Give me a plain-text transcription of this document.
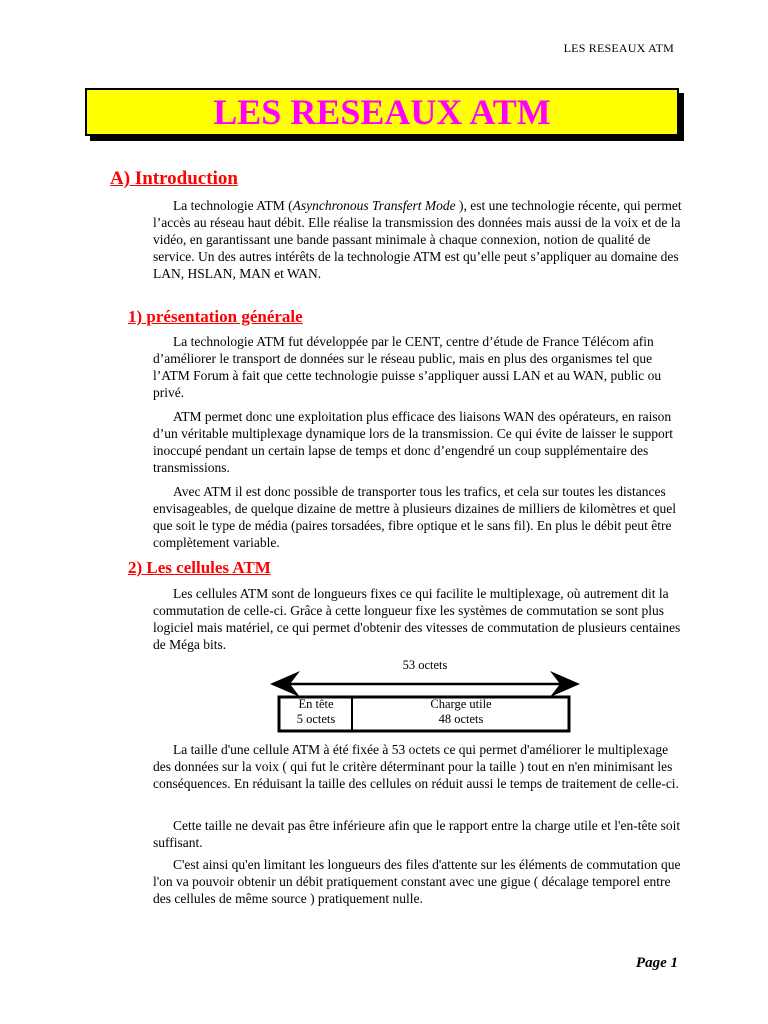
LES RESEAUX ATM
LES RESEAUX ATM
A) Introduction
La technologie ATM (Asynchronous Transfert Mode ), est une technologie récente, qui permet l’accès au réseau haut débit. Elle réalise la transmission des données mais aussi de la voix et de la vidéo, en garantissant une bande passant minimale à chaque connexion, notion de qualité de service. Un des autres intérêts de la technologie ATM est qu’elle peut s’appliquer au domaine des LAN, HSLAN, MAN et WAN.
1) présentation générale
La technologie ATM fut développée par le CENT, centre d’étude de France Télécom afin d’améliorer le transport de données sur le réseau public, mais en plus des organismes tel que l’ATM Forum à fait que cette technologie puisse s’appliquer aussi LAN et au WAN, public ou privé.
ATM permet donc une exploitation plus efficace des liaisons WAN des opérateurs, en raison d’un véritable multiplexage dynamique lors de la transmission. Ce qui évite de laisser le support inoccupé pendant un certain lapse de temps et donc d’engendré un coup supplémentaire des transmissions.
Avec ATM il est donc possible de transporter tous les trafics, et cela sur toutes les distances envisageables, de quelque dizaine de mettre à plusieurs dizaines de milliers de kilomètres et quel que soit le type de média (paires torsadées, fibre optique et le sans fil). En plus le débit peut être complètement variable.
2) Les cellules ATM
Les cellules ATM sont de longueurs fixes ce qui facilite le multiplexage, où autrement dit la commutation de celle-ci. Grâce à cette longueur fixe les systèmes de commutation se sont plus logiciel mais matériel, ce qui permet d'obtenir des vitesses de commutation de plusieurs centaines de Méga bits.
53 octets
En tête
5 octets
Charge utile
48 octets
La taille d'une cellule ATM à été fixée à 53 octets ce qui permet d'améliorer le multiplexage des données sur la voix ( qui fut le critère déterminant pour la taille ) tout en n'en minimisant les conséquences. En réduisant la taille des cellules on réduit aussi le temps de traitement de celle-ci.
Cette taille ne devait pas être inférieure afin que le rapport entre la charge utile et l'en-tête soit suffisant.
C'est ainsi qu'en limitant les longueurs des files d'attente sur les éléments de commutation que l'on va pouvoir obtenir un débit pratiquement constant avec une gigue ( décalage temporel entre des cellules de même source ) pratiquement nulle.
Page 1
